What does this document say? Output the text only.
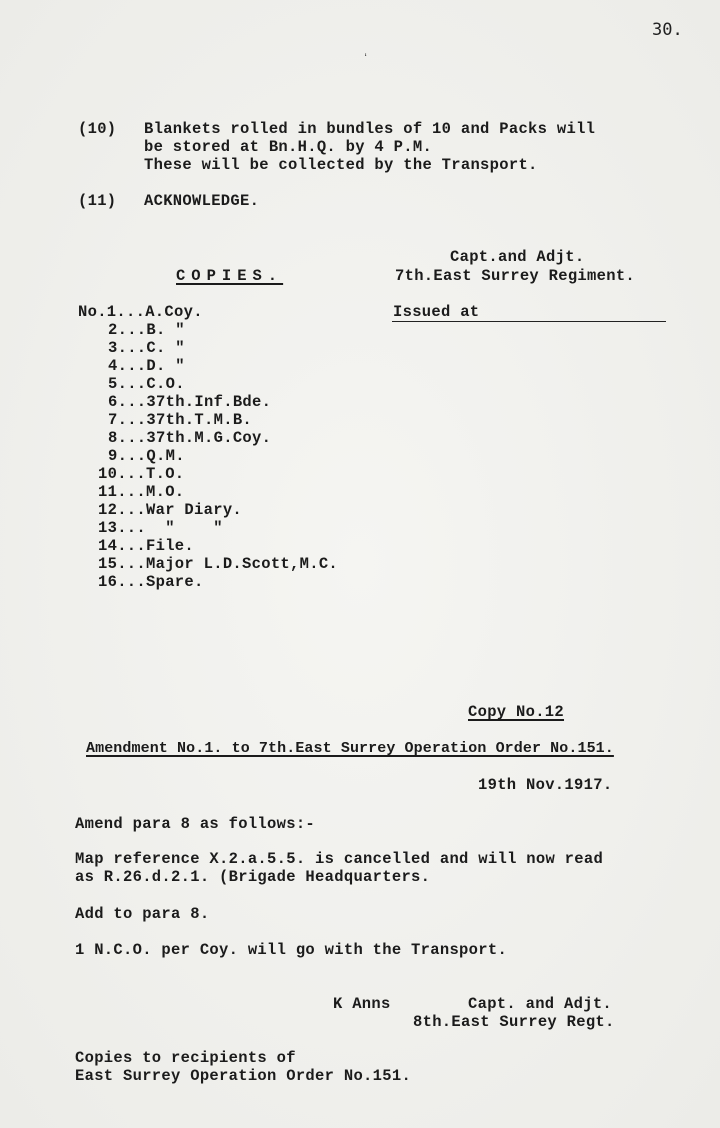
30.
ʻ
(10) Blankets rolled in bundles of 10 and Packs will
be stored at Bn.H.Q. by 4 P.M.
These will be collected by the Transport.
(11) ACKNOWLEDGE.
Capt.and Adjt.
7th.East Surrey Regiment.
COPIES.
Issued at
No.1...A.Coy.
2...B. "
3...C. "
4...D. "
5...C.O.
6...37th.Inf.Bde.
7...37th.T.M.B.
8...37th.M.G.Coy.
9...Q.M.
10...T.O.
11...M.O.
12...War Diary.
13...  "    "
14...File.
15...Major L.D.Scott,M.C.
16...Spare.
Copy No.12
Amendment No.1. to 7th.East Surrey Operation Order No.151.
19th Nov.1917.
Amend para 8 as follows:-
Map reference X.2.a.5.5. is cancelled and will now read
as R.26.d.2.1. (Brigade Headquarters.
Add to para 8.
1 N.C.O. per Coy. will go with the Transport.
K Anns	Capt. and Adjt.
8th.East Surrey Regt.
Copies to recipients of
East Surrey Operation Order No.151.
